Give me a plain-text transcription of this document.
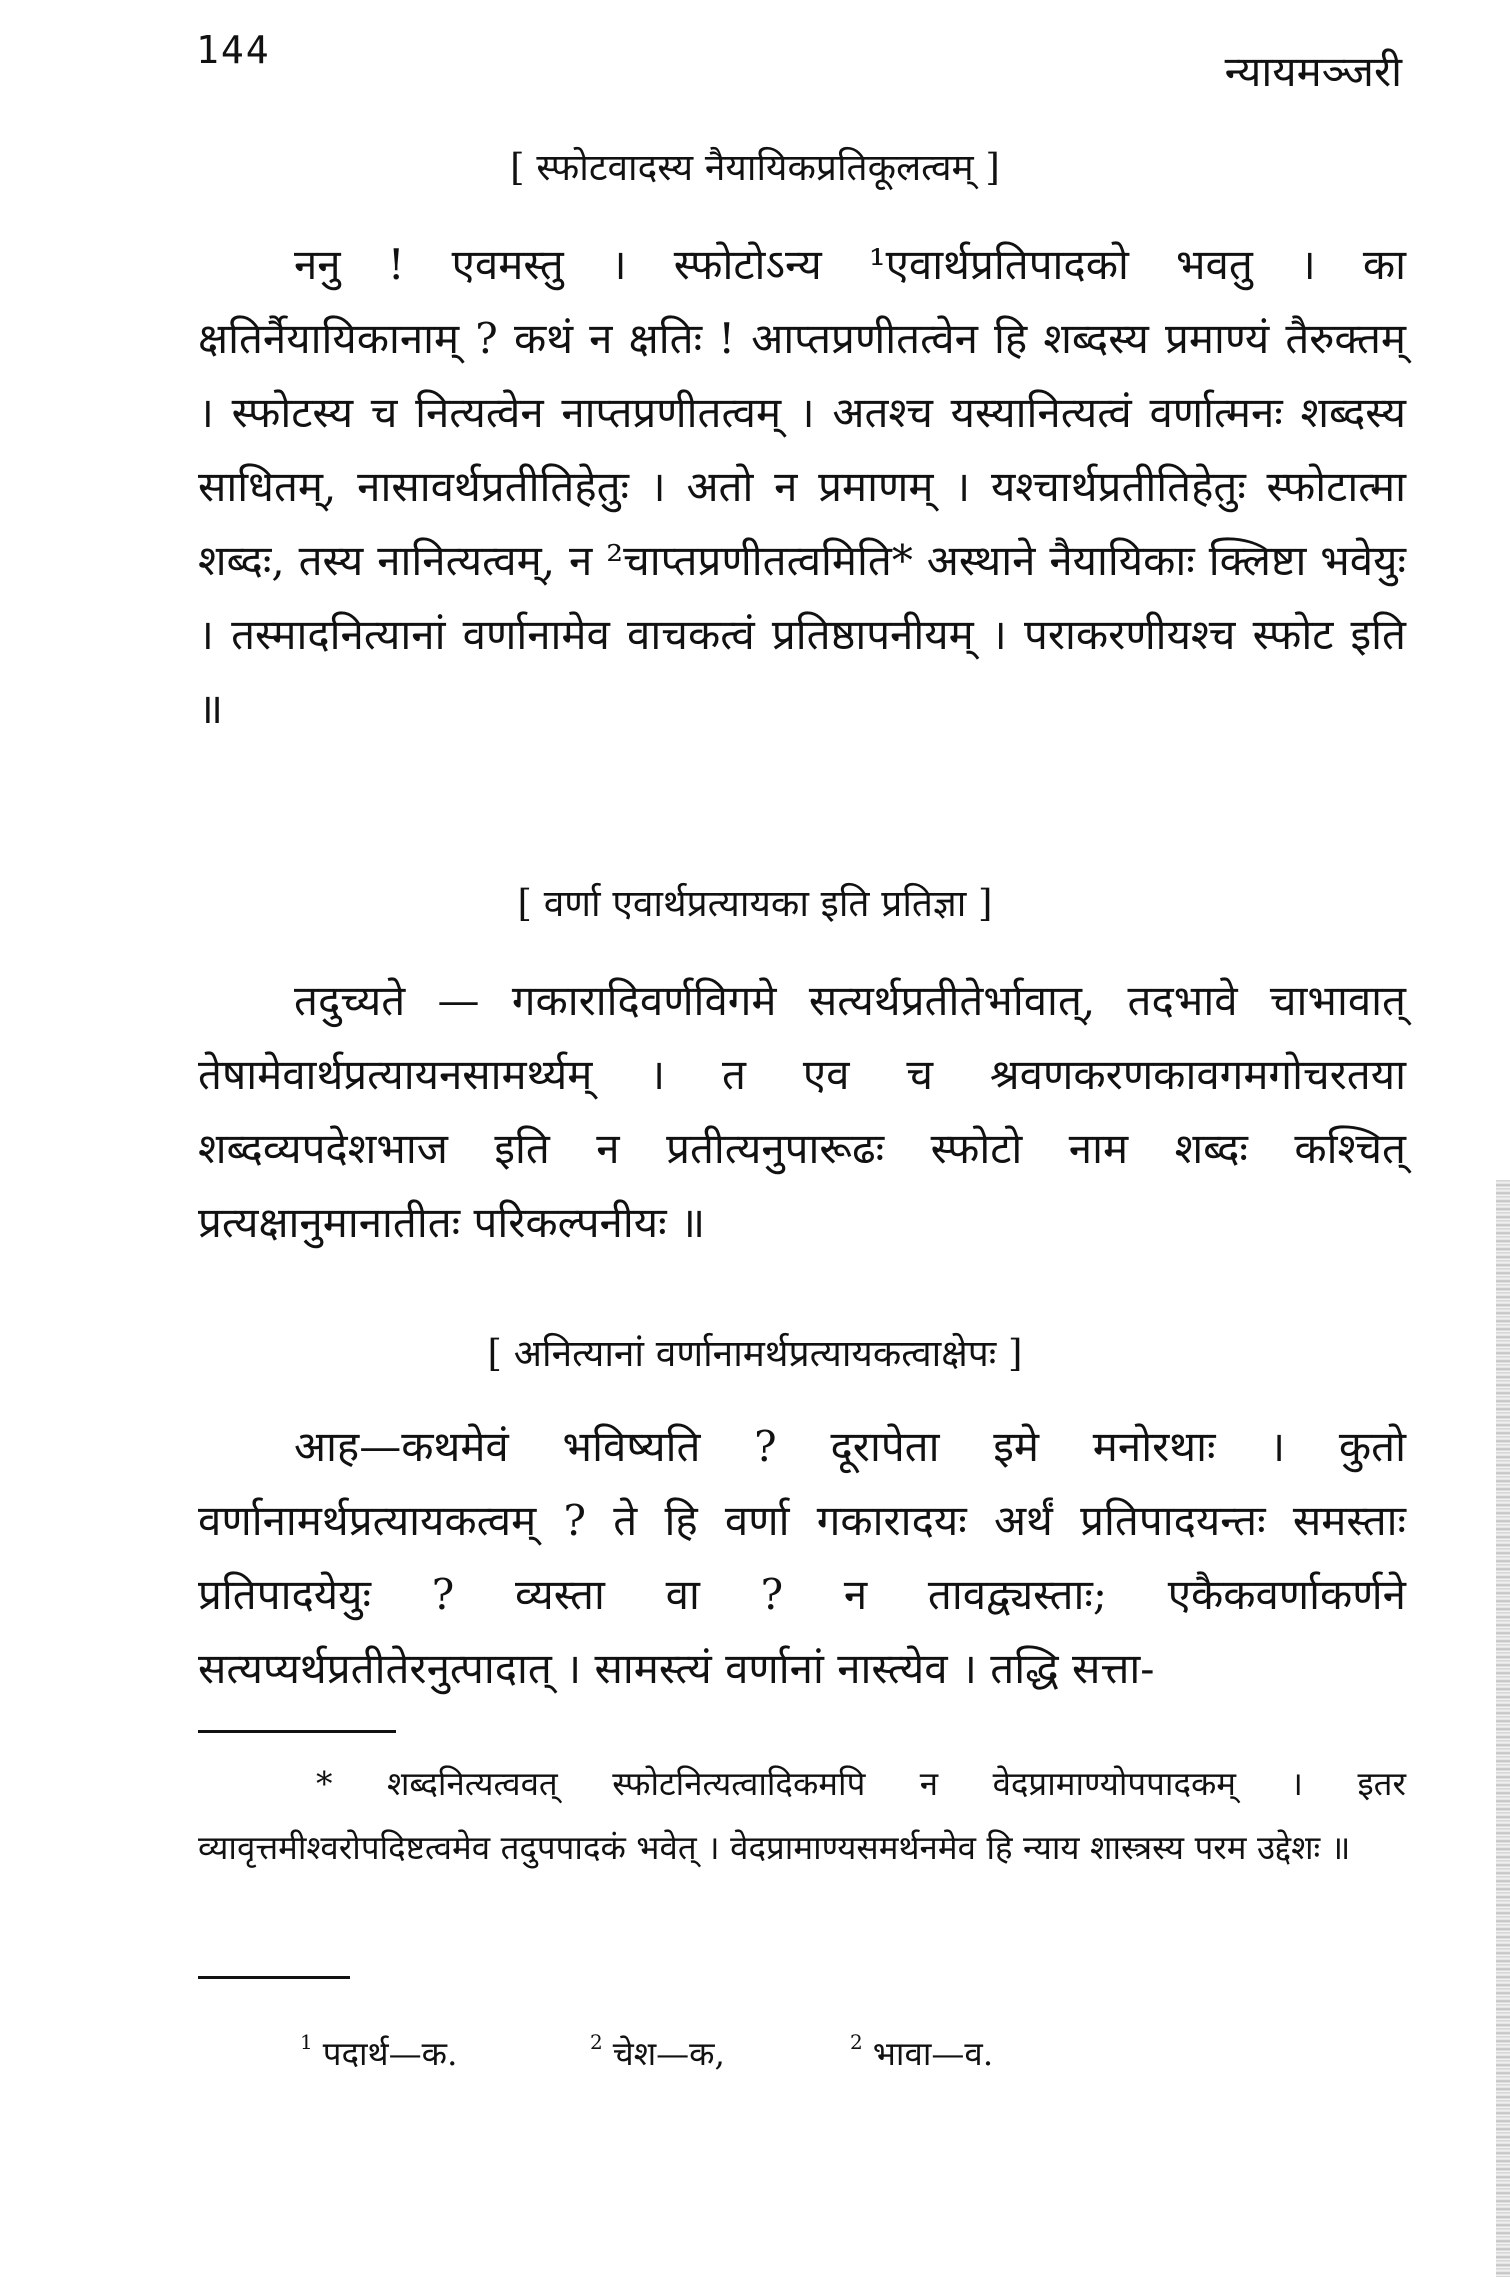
144	न्यायमञ्जरी
[ स्फोटवादस्य नैयायिकप्रतिकूलत्वम् ]

ननु ! एवमस्तु । स्फोटोऽन्य ¹एवार्थप्रतिपादको भवतु । का क्षतिर्नैयायिकानाम् ? कथं न क्षतिः ! आप्तप्रणीतत्वेन हि शब्दस्य प्रमाण्यं तैरुक्तम् । स्फोटस्य च नित्यत्वेन नाप्तप्रणीतत्वम् । अतश्च यस्यानित्यत्वं वर्णात्मनः शब्दस्य साधितम्, नासावर्थप्रतीतिहेतुः । अतो न प्रमाणम् । यश्चार्थप्रतीतिहेतुः स्फोटात्मा शब्दः, तस्य नानित्यत्वम्, न ²चाप्तप्रणीतत्वमिति* अस्थाने नैयायिकाः क्लिष्टा भवेयुः । तस्मादनित्यानां वर्णानामेव वाचकत्वं प्रतिष्ठापनीयम् । पराकरणीयश्च स्फोट इति ॥

[ वर्णा एवार्थप्रत्यायका इति प्रतिज्ञा ]

तदुच्यते — गकारादिवर्णविगमे सत्यर्थप्रतीतेर्भावात्, तदभावे चाभावात् तेषामेवार्थप्रत्यायनसामर्थ्यम् । त एव च श्रवणकरणकावगमगोचरतया शब्दव्यपदेशभाज इति न प्रतीत्यनुपारूढः स्फोटो नाम शब्दः कश्चित् प्रत्यक्षानुमानातीतः परिकल्पनीयः ॥

[ अनित्यानां वर्णानामर्थप्रत्यायकत्वाक्षेपः ]

आह—कथमेवं भविष्यति ? दूरापेता इमे मनोरथाः । कुतो वर्णानामर्थप्रत्यायकत्वम् ? ते हि वर्णा गकारादयः अर्थं प्रतिपादयन्तः समस्ताः प्रतिपादयेयुः ? व्यस्ता वा ? न तावद्व्यस्ताः; एकैकवर्णाकर्णने सत्यप्यर्थप्रतीतेरनुत्पादात् । सामस्त्यं वर्णानां नास्त्येव । तद्धि सत्ता-

* शब्दनित्यत्ववत् स्फोटनित्यत्वादिकमपि न वेदप्रामाण्योपपादकम् । इतर व्यावृत्तमीश्वरोपदिष्टत्वमेव तदुपपादकं भवेत् । वेदप्रामाण्यसमर्थनमेव हि न्याय शास्त्रस्य परम उद्देशः ॥

$^1$ पदार्थ—क.	$^2$ चेश—क,	$^2$ भावा—व.
